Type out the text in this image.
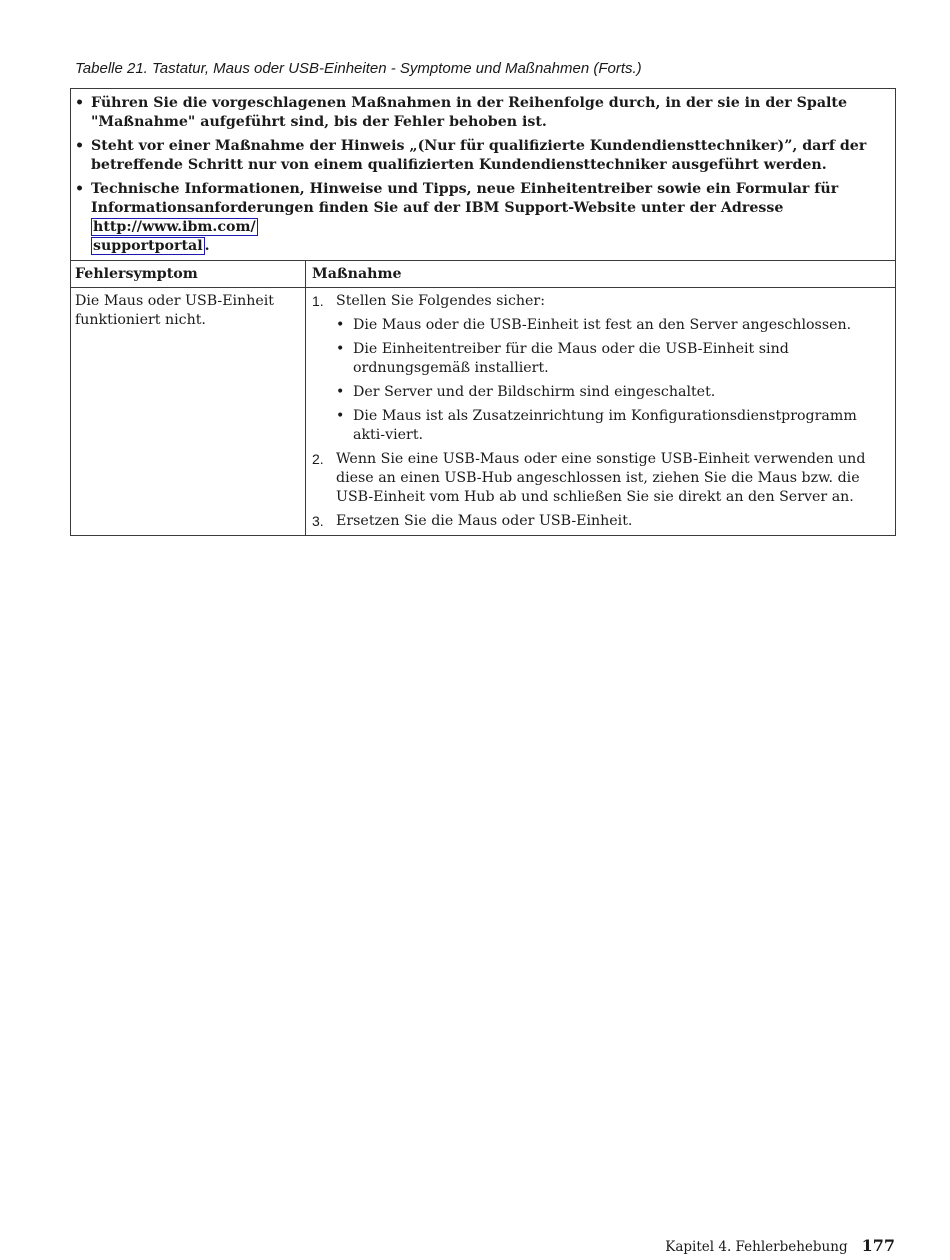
Tabelle 21. Tastatur, Maus oder USB-Einheiten - Symptome und Maßnahmen (Forts.)
• Führen Sie die vorgeschlagenen Maßnahmen in der Reihenfolge durch, in der sie in der Spalte "Maßnahme" aufgeführt sind, bis der Fehler behoben ist.
• Steht vor einer Maßnahme der Hinweis „(Nur für qualifizierte Kundendiensttechniker)”, darf der betreffende Schritt nur von einem qualifizierten Kundendiensttechniker ausgeführt werden.
• Technische Informationen, Hinweise und Tipps, neue Einheitentreiber sowie ein Formular für Informationsanforderungen finden Sie auf der IBM Support-Website unter der Adresse http://www.ibm.com/
supportportal .
Fehlersymptom	Maßnahme
Die Maus oder USB-Einheit funktioniert nicht.
1. Stellen Sie Folgendes sicher:
• Die Maus oder die USB-Einheit ist fest an den Server angeschlossen.
• Die Einheitentreiber für die Maus oder die USB-Einheit sind ordnungsgemäß installiert.
• Der Server und der Bildschirm sind eingeschaltet.
• Die Maus ist als Zusatzeinrichtung im Konfigurationsdienstprogramm akti-viert.
2. Wenn Sie eine USB-Maus oder eine sonstige USB-Einheit verwenden und diese an einen USB-Hub angeschlossen ist, ziehen Sie die Maus bzw. die USB-Einheit vom Hub ab und schließen Sie sie direkt an den Server an.
3. Ersetzen Sie die Maus oder USB-Einheit.
Kapitel 4. Fehlerbehebung 177
